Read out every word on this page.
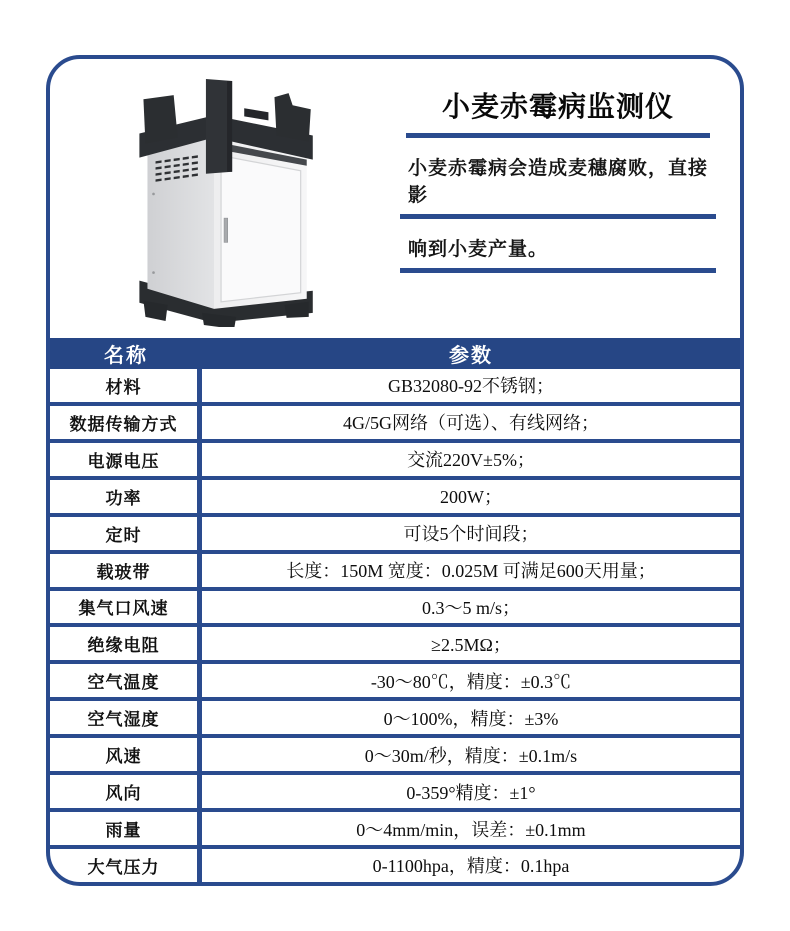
小麦赤霉病监测仪
小麦赤霉病会造成麦穗腐败，直接影
响到小麦产量。
名称	参数
材料	GB32080-92不锈钢；
数据传输方式	4G/5G网络（可选）、有线网络；
电源电压	交流220V±5%；
功率	200W；
定时	可设5个时间段；
载玻带	长度：150M 宽度：0.025M 可满足600天用量；
集气口风速	0.3～5 m/s；
绝缘电阻	≥2.5MΩ；
空气温度	-30～80℃，精度：±0.3℃
空气湿度	0～100%，精度：±3%
风速	0～30m/秒，精度：±0.1m/s
风向	0-359°精度：±1°
雨量	0～4mm/min，误差：±0.1mm
大气压力	0-1100hpa，精度：0.1hpa
